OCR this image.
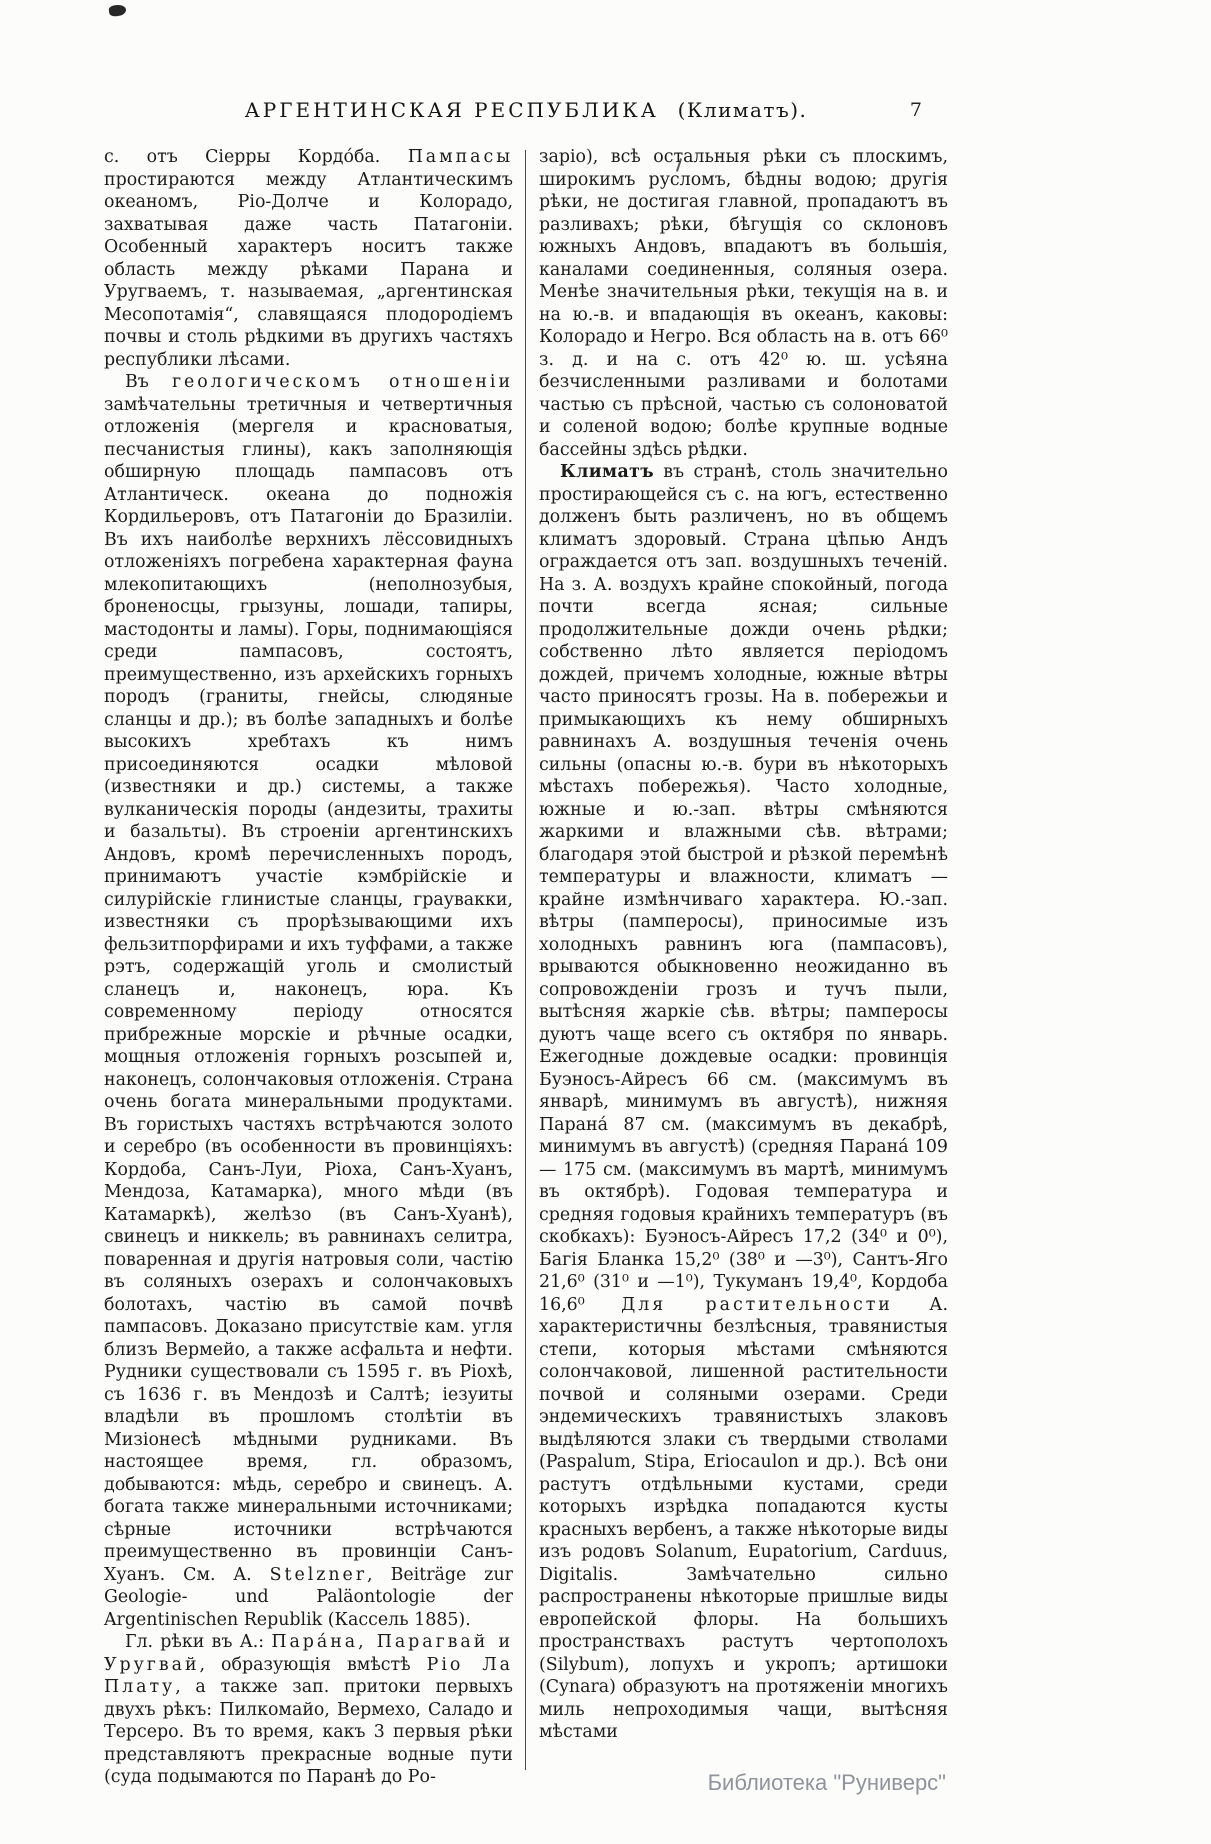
АРГЕНТИНСКАЯ РЕСПУБЛИКА (Климатъ).	7

с. отъ Сіерры Кордо́ба. Пампасы простираются между Атлантическимъ океаномъ, Ріо-Долче и Колорадо, захватывая даже часть Патагоніи. Особенный характеръ носитъ также область между рѣками Парана и Уругваемъ, т. называемая, „аргентинская Месопотамія“, славящаяся плодородіемъ почвы и столь рѣдкими въ другихъ частяхъ республики лѣсами.

Въ геологическомъ отношеніи замѣчательны третичныя и четвертичныя отложенія (мергеля и красноватыя, песчанистыя глины), какъ заполняющія обширную площадь пампасовъ отъ Атлантическ. океана до подножія Кордильеровъ, отъ Патагоніи до Бразиліи. Въ ихъ наиболѣе верхнихъ лёссовидныхъ отложеніяхъ погребена характерная фауна млекопитающихъ (неполнозубыя, броненосцы, грызуны, лошади, тапиры, мастодонты и ламы). Горы, поднимающіяся среди пампасовъ, состоятъ, преимущественно, изъ архейскихъ горныхъ породъ (граниты, гнейсы, слюдяные сланцы и др.); въ болѣе западныхъ и болѣе высокихъ хребтахъ къ нимъ присоединяются осадки мѣловой (известняки и др.) системы, а также вулканическія породы (андезиты, трахиты и базальты). Въ строеніи аргентинскихъ Андовъ, кромѣ перечисленныхъ породъ, принимаютъ участіе кэмбрійскіе и силурійскіе глинистые сланцы, граувакки, известняки съ прорѣзывающими ихъ фельзитпорфирами и ихъ туффами, а также рэтъ, содержащій уголь и смолистый сланецъ и, наконецъ, юра. Къ современному періоду относятся прибрежные морскіе и рѣчные осадки, мощныя отложенія горныхъ розсыпей и, наконецъ, солончаковыя отложенія. Страна очень богата минеральными продуктами. Въ гористыхъ частяхъ встрѣчаются золото и серебро (въ особенности въ провинціяхъ: Кордоба, Санъ-Луи, Ріоха, Санъ-Хуанъ, Мендоза, Катамарка), много мѣди (въ Катамаркѣ), желѣзо (въ Санъ-Хуанѣ), свинецъ и никкель; въ равнинахъ селитра, поваренная и другія натровыя соли, частію въ соляныхъ озерахъ и солончаковыхъ болотахъ, частію въ самой почвѣ пампасовъ. Доказано присутствіе кам. угля близъ Вермейо, а также асфальта и нефти. Рудники существовали съ 1595 г. въ Ріохѣ, съ 1636 г. въ Мендозѣ и Салтѣ; іезуиты владѣли въ прошломъ столѣтіи въ Мизіонесѣ мѣдными рудниками. Въ настоящее время, гл. образомъ, добываются: мѣдь, серебро и свинецъ. А. богата также минеральными источниками; сѣрные источники встрѣчаются преимущественно въ провинціи Санъ-Хуанъ. См. A. Stelzner, Beiträge zur Geologie- und Paläontologie der Argentinischen Republik (Кассель 1885).

Гл. рѣки въ А.: Пара́на, Парагвай и Уругвай, образующія вмѣстѣ Ріо Ла Плату, а также зап. притоки первыхъ двухъ рѣкъ: Пилкомайо, Вермехо, Саладо и Терсеро. Въ то время, какъ 3 первыя рѣки представляютъ прекрасные водные пути (суда подымаются по Паранѣ до Ро-

заріо), всѣ остальныя рѣки съ плоскимъ, широкимъ русломъ, бѣдны водою; другія рѣки, не достигая главной, пропадаютъ въ разливахъ; рѣки, бѣгущія со склоновъ южныхъ Андовъ, впадаютъ въ большія, каналами соединенныя, соляныя озера. Менѣе значительныя рѣки, текущія на в. и на ю.-в. и впадающія въ океанъ, каковы: Колорадо и Негро. Вся область на в. отъ 66⁰ з. д. и на с. отъ 42⁰ ю. ш. усѣяна безчисленными разливами и болотами частью съ прѣсной, частью съ солоноватой и соленой водою; болѣе крупные водные бассейны здѣсь рѣдки.

Климатъ въ странѣ, столь значительно простирающейся съ с. на югъ, естественно долженъ быть различенъ, но въ общемъ климатъ здоровый. Страна цѣпью Андъ ограждается отъ зап. воздушныхъ теченій. На з. А. воздухъ крайне спокойный, погода почти всегда ясная; сильные продолжительные дожди очень рѣдки; собственно лѣто является періодомъ дождей, причемъ холодные, южные вѣтры часто приносятъ грозы. На в. побережьи и примыкающихъ къ нему обширныхъ равнинахъ А. воздушныя теченія очень сильны (опасны ю.-в. бури въ нѣкоторыхъ мѣстахъ побережья). Часто холодные, южные и ю.-зап. вѣтры смѣняются жаркими и влажными сѣв. вѣтрами; благодаря этой быстрой и рѣзкой перемѣнѣ температуры и влажности, климатъ — крайне измѣнчиваго характера. Ю.-зап. вѣтры (памперосы), приносимые изъ холодныхъ равнинъ юга (пампасовъ), врываются обыкновенно неожиданно въ сопровожденіи грозъ и тучъ пыли, вытѣсняя жаркіе сѣв. вѣтры; памперосы дуютъ чаще всего съ октября по январь. Ежегодные дождевые осадки: провинція Буэносъ-Айресъ 66 см. (максимумъ въ январѣ, минимумъ въ августѣ), нижняя Парана́ 87 см. (максимумъ въ декабрѣ, минимумъ въ августѣ) (средняя Парана́ 109 — 175 см. (максимумъ въ мартѣ, минимумъ въ октябрѣ). Годовая температура и средняя годовыя крайнихъ температуръ (въ скобкахъ): Буэносъ-Айресъ 17,2 (34⁰ и 0⁰), Багія Бланка 15,2⁰ (38⁰ и —3⁰), Сантъ-Яго 21,6⁰ (31⁰ и —1⁰), Тукуманъ 19,4⁰, Кордоба 16,6⁰ Для растительности А. характеристичны безлѣсныя, травянистыя степи, которыя мѣстами смѣняются солончаковой, лишенной растительности почвой и соляными озерами. Среди эндемическихъ травянистыхъ злаковъ выдѣляются злаки съ твердыми стволами (Paspalum, Stipa, Eriocaulon и др.). Всѣ они растутъ отдѣльными кустами, среди которыхъ изрѣдка попадаются кусты красныхъ вербенъ, а также нѣкоторые виды изъ родовъ Solanum, Eupatorium, Carduus, Digitalis. Замѣчательно сильно распространены нѣкоторые пришлые виды европейской флоры. На большихъ пространствахъ растутъ чертополохъ (Silybum), лопухъ и укропъ; артишоки (Cynara) образуютъ на протяженіи многихъ миль непроходимыя чащи, вытѣсняя мѣстами

Библиотека "Руниверс"
